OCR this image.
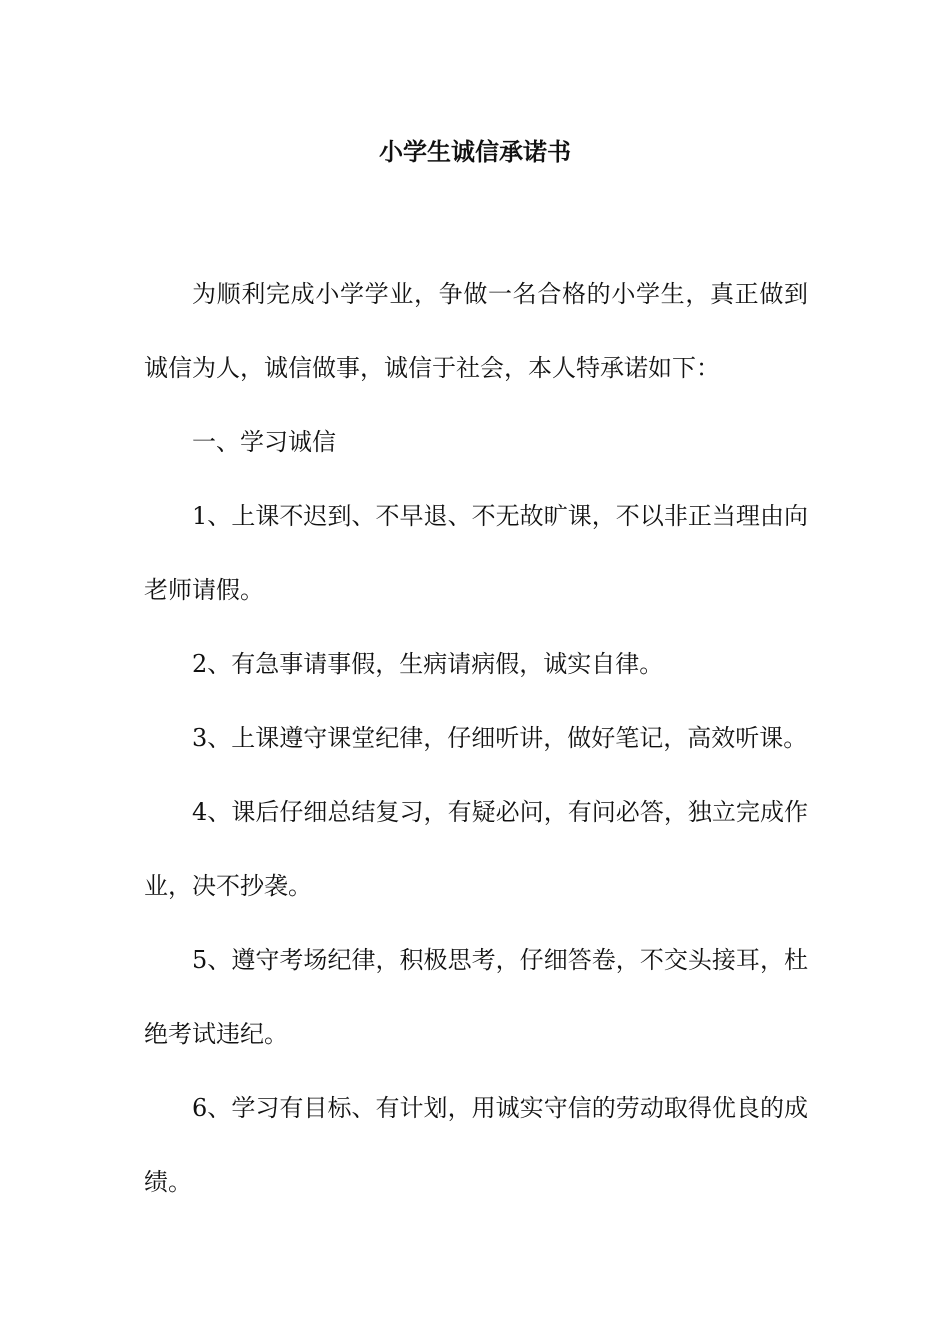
小学生诚信承诺书

为顺利完成小学学业，争做一名合格的小学生，真正做到诚信为人，诚信做事，诚信于社会，本人特承诺如下：

一、学习诚信

1、上课不迟到、不早退、不无故旷课，不以非正当理由向老师请假。

2、有急事请事假，生病请病假，诚实自律。

3、上课遵守课堂纪律，仔细听讲，做好笔记，高效听课。

4、课后仔细总结复习，有疑必问，有问必答，独立完成作业，决不抄袭。

5、遵守考场纪律，积极思考，仔细答卷，不交头接耳，杜绝考试违纪。

6、学习有目标、有计划，用诚实守信的劳动取得优良的成绩。
